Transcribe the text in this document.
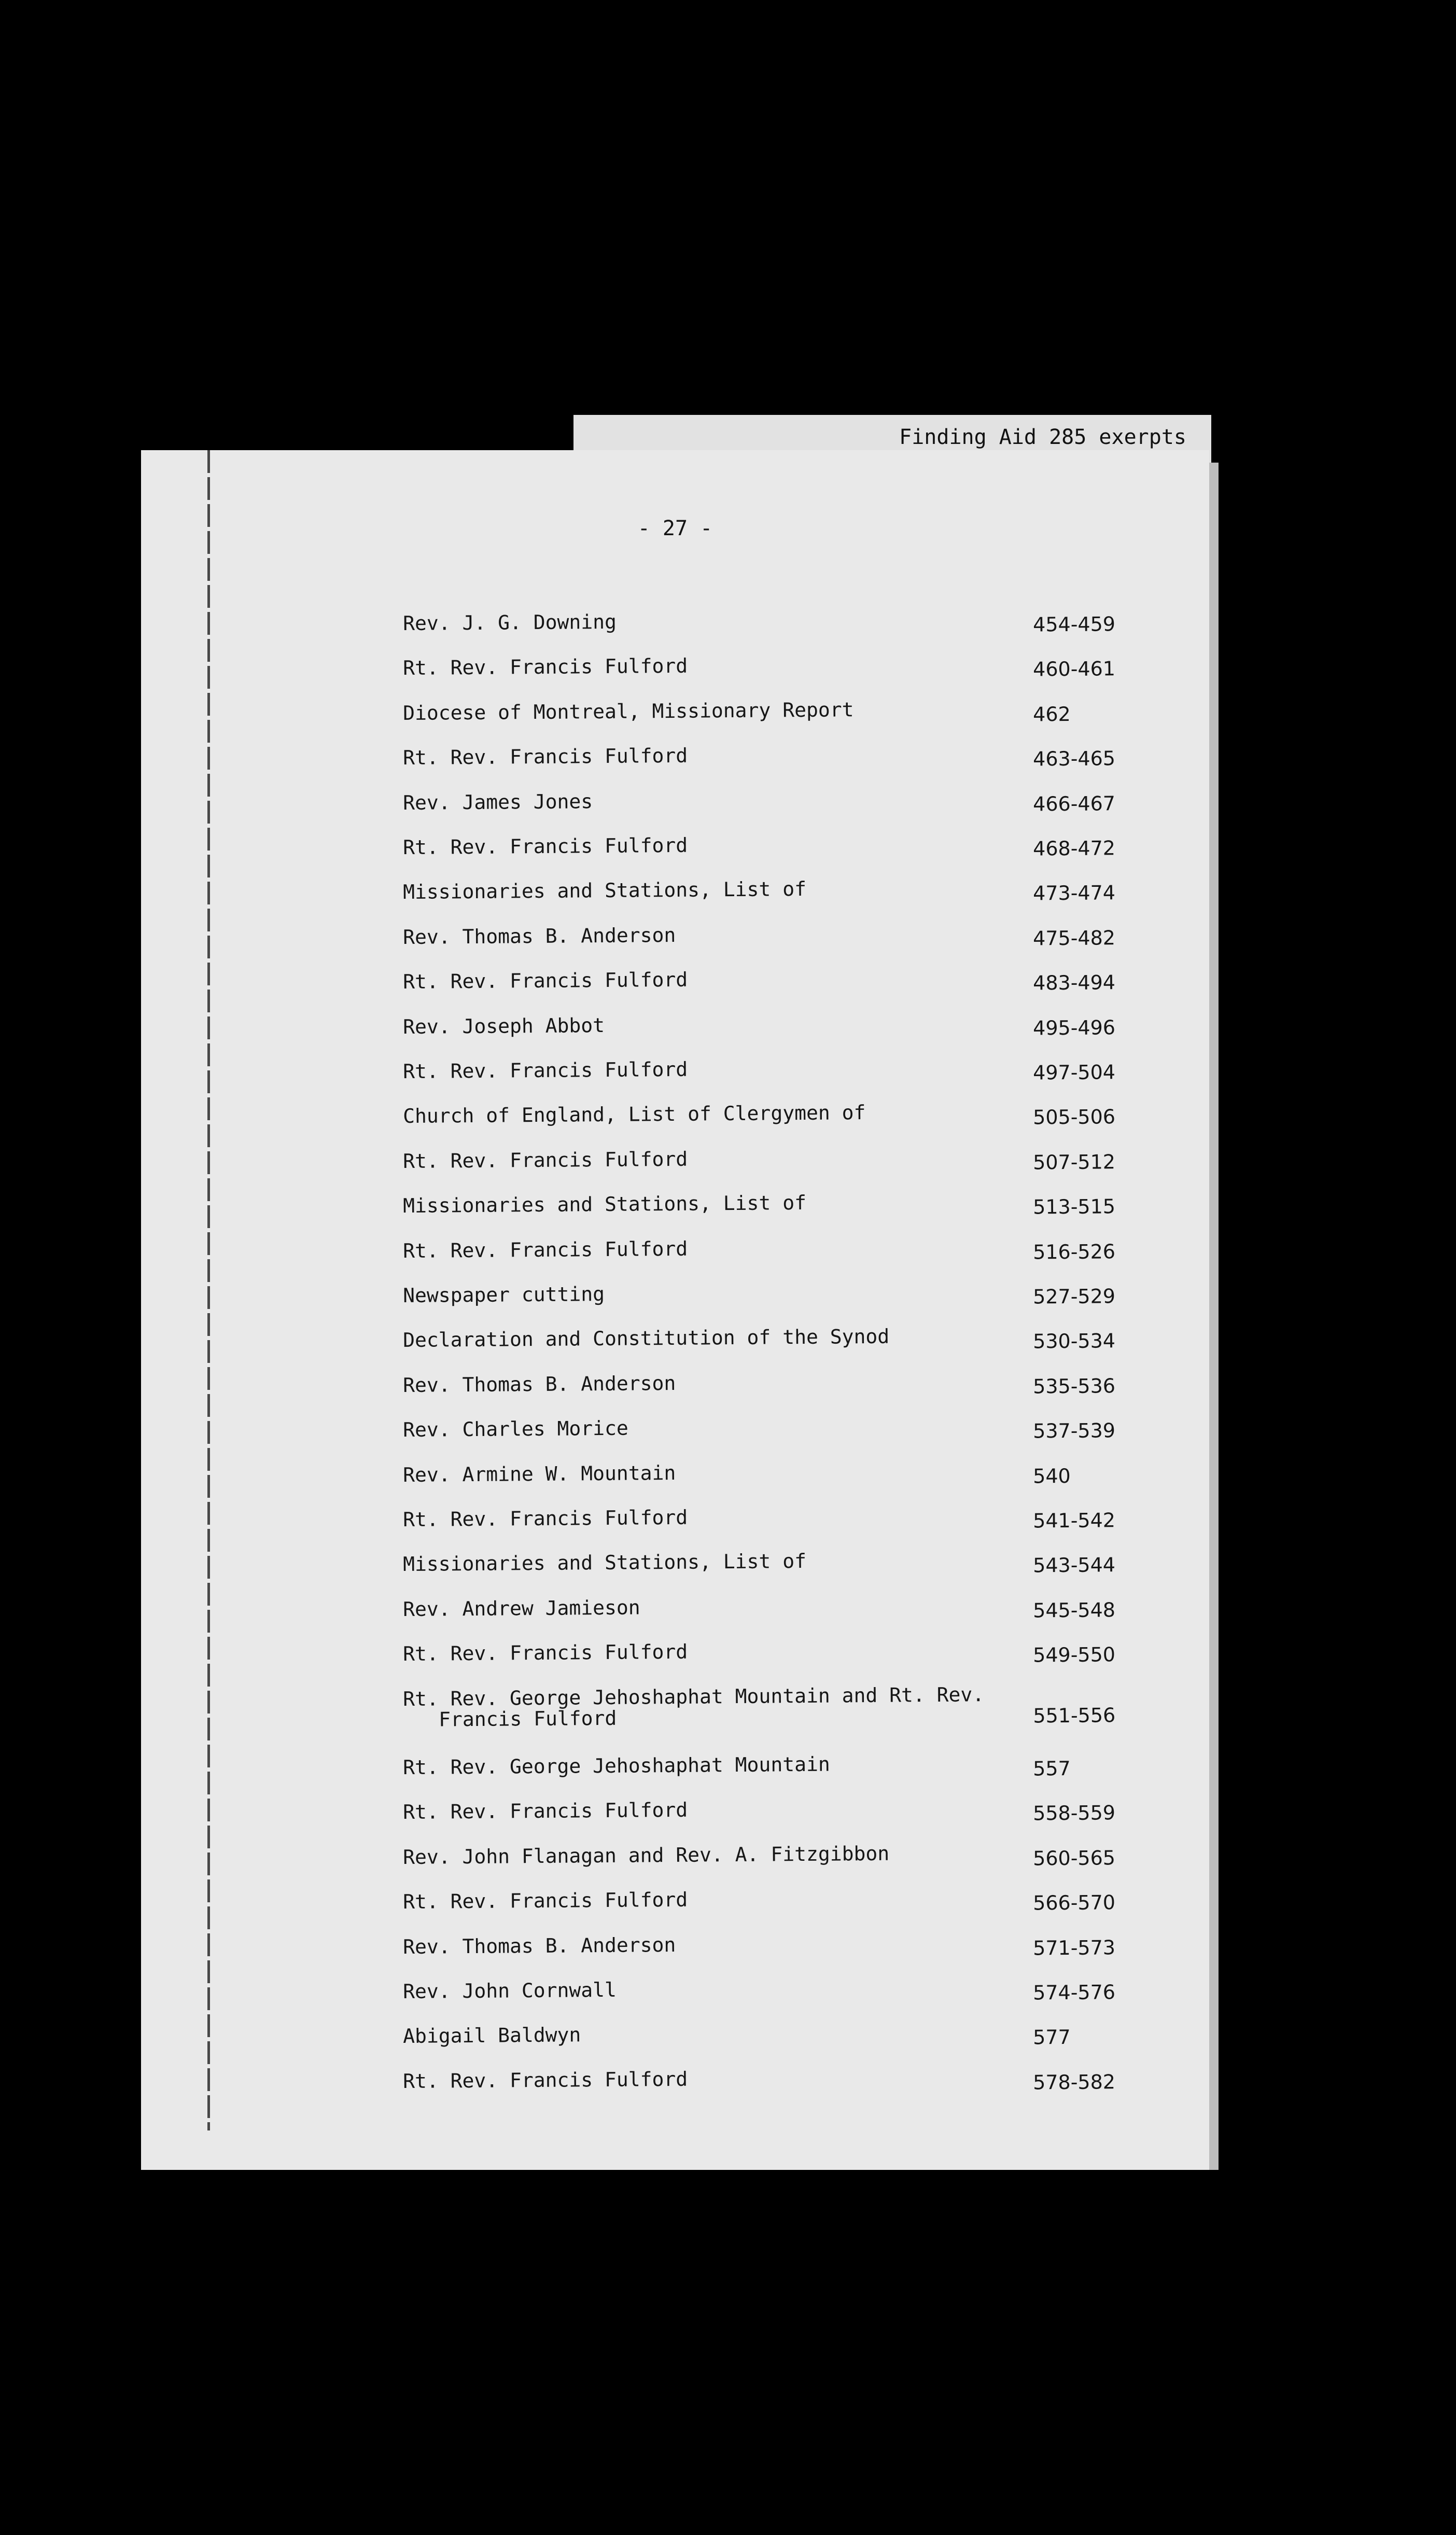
Finding Aid 285 exerpts
- 27 -
Rev. J. G. Downing	454-459
Rt. Rev. Francis Fulford	460-461
Diocese of Montreal, Missionary Report	462
Rt. Rev. Francis Fulford	463-465
Rev. James Jones	466-467
Rt. Rev. Francis Fulford	468-472
Missionaries and Stations, List of	473-474
Rev. Thomas B. Anderson	475-482
Rt. Rev. Francis Fulford	483-494
Rev. Joseph Abbot	495-496
Rt. Rev. Francis Fulford	497-504
Church of England, List of Clergymen of	505-506
Rt. Rev. Francis Fulford	507-512
Missionaries and Stations, List of	513-515
Rt. Rev. Francis Fulford	516-526
Newspaper cutting	527-529
Declaration and Constitution of the Synod	530-534
Rev. Thomas B. Anderson	535-536
Rev. Charles Morice	537-539
Rev. Armine W. Mountain	540
Rt. Rev. Francis Fulford	541-542
Missionaries and Stations, List of	543-544
Rev. Andrew Jamieson	545-548
Rt. Rev. Francis Fulford	549-550
Rt. Rev. George Jehoshaphat Mountain and Rt. Rev.
Francis Fulford	551-556
Rt. Rev. George Jehoshaphat Mountain	557
Rt. Rev. Francis Fulford	558-559
Rev. John Flanagan and Rev. A. Fitzgibbon	560-565
Rt. Rev. Francis Fulford	566-570
Rev. Thomas B. Anderson	571-573
Rev. John Cornwall	574-576
Abigail Baldwyn	577
Rt. Rev. Francis Fulford	578-582
